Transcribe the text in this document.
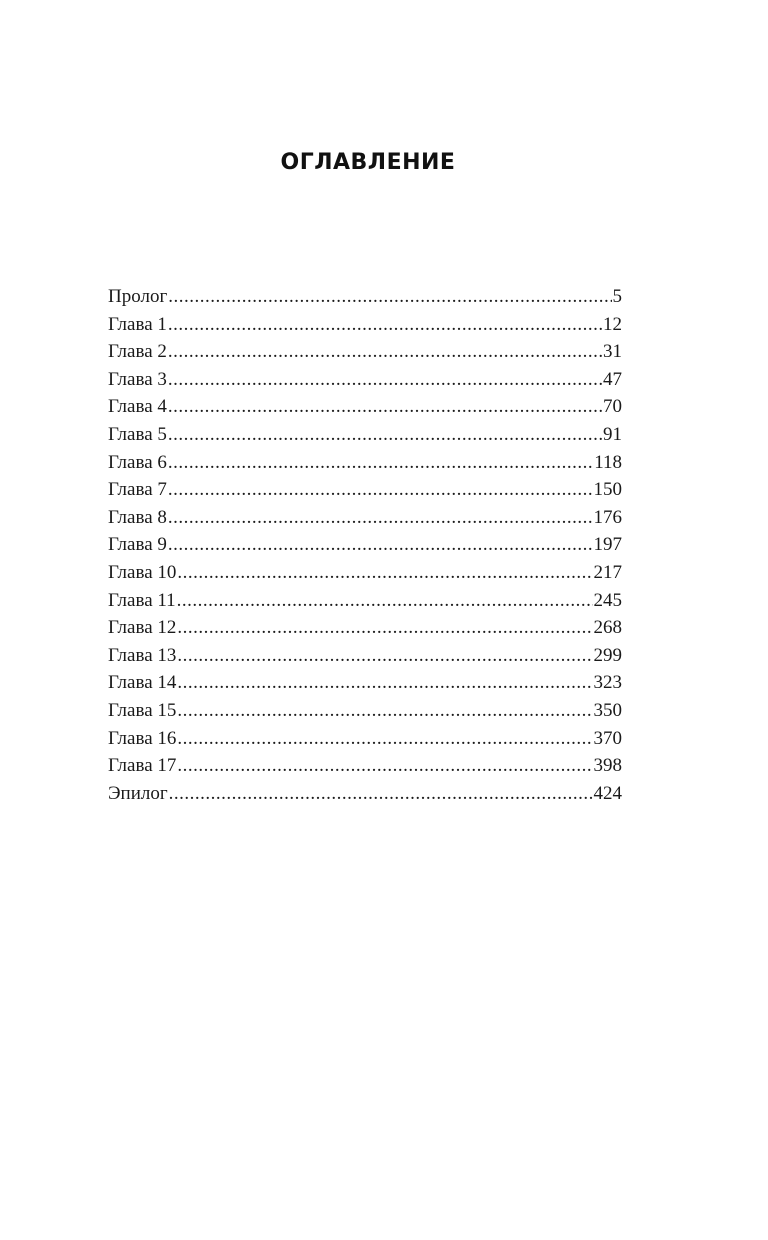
ОГЛАВЛЕНИЕ
Пролог .....	5
Глава 1 .....	12
Глава 2 .....	31
Глава 3 .....	47
Глава 4 .....	70
Глава 5 .....	91
Глава 6 .....	118
Глава 7 .....	150
Глава 8 .....	176
Глава 9 .....	197
Глава 10 .....	217
Глава 11 .....	245
Глава 12 .....	268
Глава 13 .....	299
Глава 14 .....	323
Глава 15 .....	350
Глава 16 .....	370
Глава 17 .....	398
Эпилог .....	424
